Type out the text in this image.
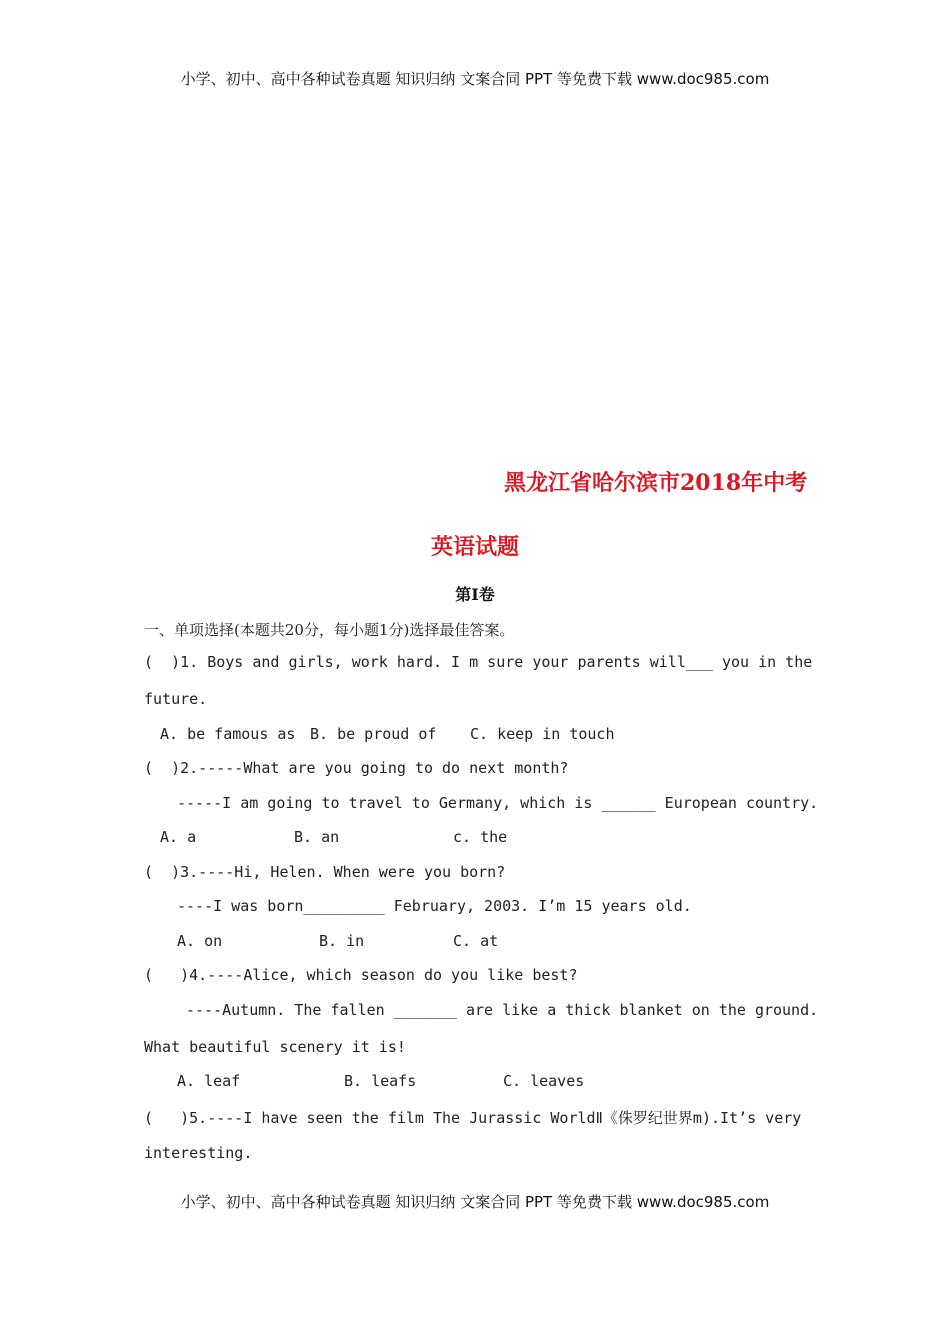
小学、初中、高中各种试卷真题 知识归纳 文案合同 PPT 等免费下载 www.doc985.com
黑龙江省哈尔滨市2018年中考
英语试题
第Ⅰ卷
一、单项选择(本题共20分，每小题1分)选择最佳答案。
(  )1. Boys and girls, work hard. I m sure your parents will___ you in the
future.
A. be famous as B. be proud of C. keep in touch
(  )2.-----What are you going to do next month?
-----I am going to travel to Germany, which is ______ European country.
A. a	B. an	c. the
(  )3.----Hi, Helen. When were you born?
----I was born_________ February, 2003. I’m 15 years old.
A. on	B. in	C. at
(   )4.----Alice, which season do you like best?
----Autumn. The fallen _______ are like a thick blanket on the ground.
What beautiful scenery it is!
A. leaf	B. leafs	C. leaves
(   )5.----I have seen the film The Jurassic WorldⅡ《侏罗纪世界m).It’s very
interesting.
小学、初中、高中各种试卷真题 知识归纳 文案合同 PPT 等免费下载 www.doc985.com
